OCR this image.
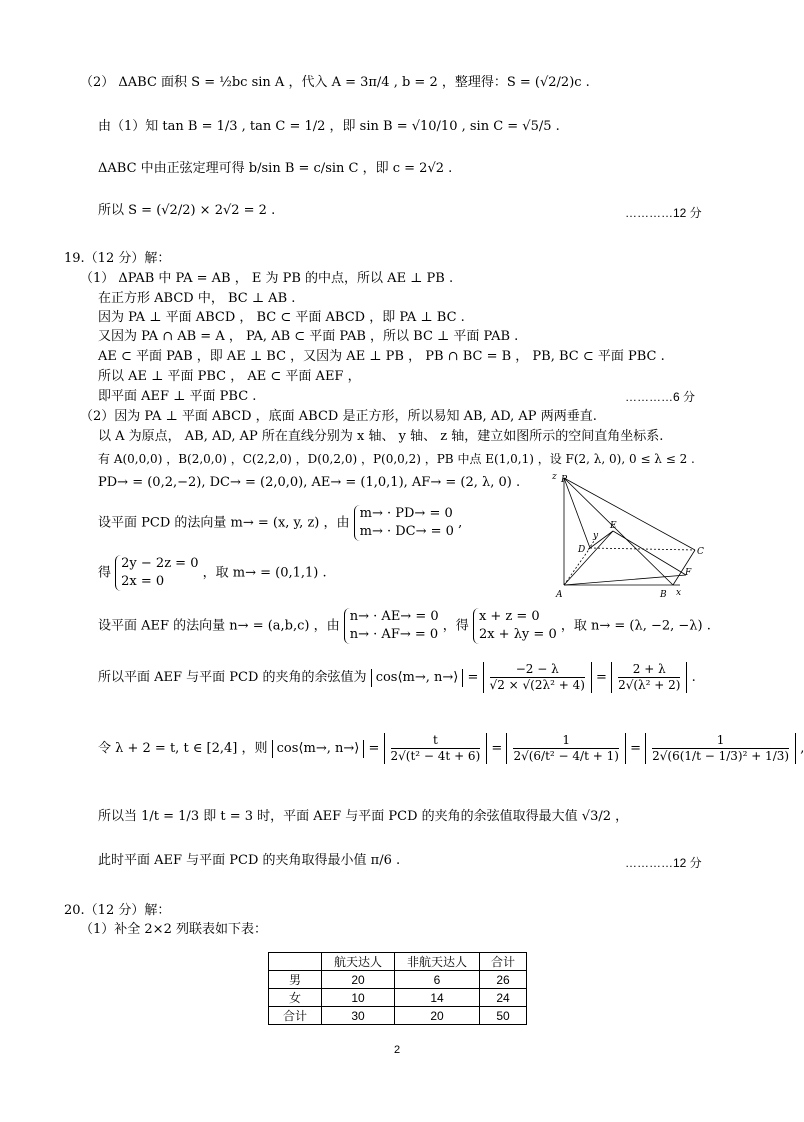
（2） ΔABC 面积 S = ½bc sin A ，代入 A = 3π/4 , b = 2 ，整理得：S = (√2/2)c .
由（1）知 tan B = 1/3 , tan C = 1/2 ，即 sin B = √10/10 , sin C = √5/5 .
ΔABC 中由正弦定理可得 b/sin B = c/sin C ，即 c = 2√2 .
所以 S = (√2/2) × 2√2 = 2 .	…………12 分
19.（12 分）解：
（1） ΔPAB 中 PA = AB ， E 为 PB 的中点，所以 AE ⊥ PB .
在正方形 ABCD 中， BC ⊥ AB .
因为 PA ⊥ 平面 ABCD ， BC ⊂ 平面 ABCD ，即 PA ⊥ BC .
又因为 PA ∩ AB = A ， PA, AB ⊂ 平面 PAB ，所以 BC ⊥ 平面 PAB .
AE ⊂ 平面 PAB ，即 AE ⊥ BC ，又因为 AE ⊥ PB ， PB ∩ BC = B ， PB, BC ⊂ 平面 PBC .
所以 AE ⊥ 平面 PBC ， AE ⊂ 平面 AEF ，
即平面 AEF ⊥ 平面 PBC .	…………6 分
（2）因为 PA ⊥ 平面 ABCD ，底面 ABCD 是正方形，所以易知 AB, AD, AP 两两垂直.
以 A 为原点， AB, AD, AP 所在直线分别为 x 轴、 y 轴、 z 轴，建立如图所示的空间直角坐标系.
有 A(0,0,0) ，B(2,0,0) ，C(2,2,0) ，D(0,2,0) ，P(0,0,2) ，PB 中点 E(1,0,1) ，设 F(2, λ, 0), 0 ≤ λ ≤ 2 .
PD→ = (0,2,−2), DC→ = (2,0,0), AE→ = (1,0,1), AF→ = (2, λ, 0) .
设平面 PCD 的法向量 m→ = (x, y, z) ，由
m→ · PD→ = 0
m→ · DC→ = 0
,
得
2y − 2z = 0
2x = 0
，取 m→ = (0,1,1) .
z P
y
E
D	C
F
A	B x
设平面 AEF 的法向量 n→ = (a,b,c) ，由
n→ · AE→ = 0
n→ · AF→ = 0
，得
x + z = 0
2x + λy = 0
，取 n→ = (λ, −2, −λ) .
所以平面 AEF 与平面 PCD 的夹角的余弦值为 cos⟨m→, n→⟩ = $\frac{-2 - \lambda}{\text{√2 × √(2λ² + 4)}} = \frac{2 + \lambda}{\text{2√(λ² + 2)}}$ .
令 λ + 2 = t, t ∈ [2,4] ，则 cos⟨m→, n→⟩ = $\frac{t}{\text{2√(t² − 4t + 6)}} = \frac{1}{\text{2√(6/t² − 4/t + 1)}} = \frac{1}{\text{2√(6(1/t − 1/3)² + 1/3)}}$ ,
所以当 1/t = 1/3 即 t = 3 时，平面 AEF 与平面 PCD 的夹角的余弦值取得最大值 √3/2 ，
此时平面 AEF 与平面 PCD 的夹角取得最小值 π/6 .	…………12 分
20.（12 分）解：
（1）补全 2×2 列联表如下表：
	航天达人	非航天达人	合计
男	20	6	26
女	10	14	24
合计	30	20	50
2
